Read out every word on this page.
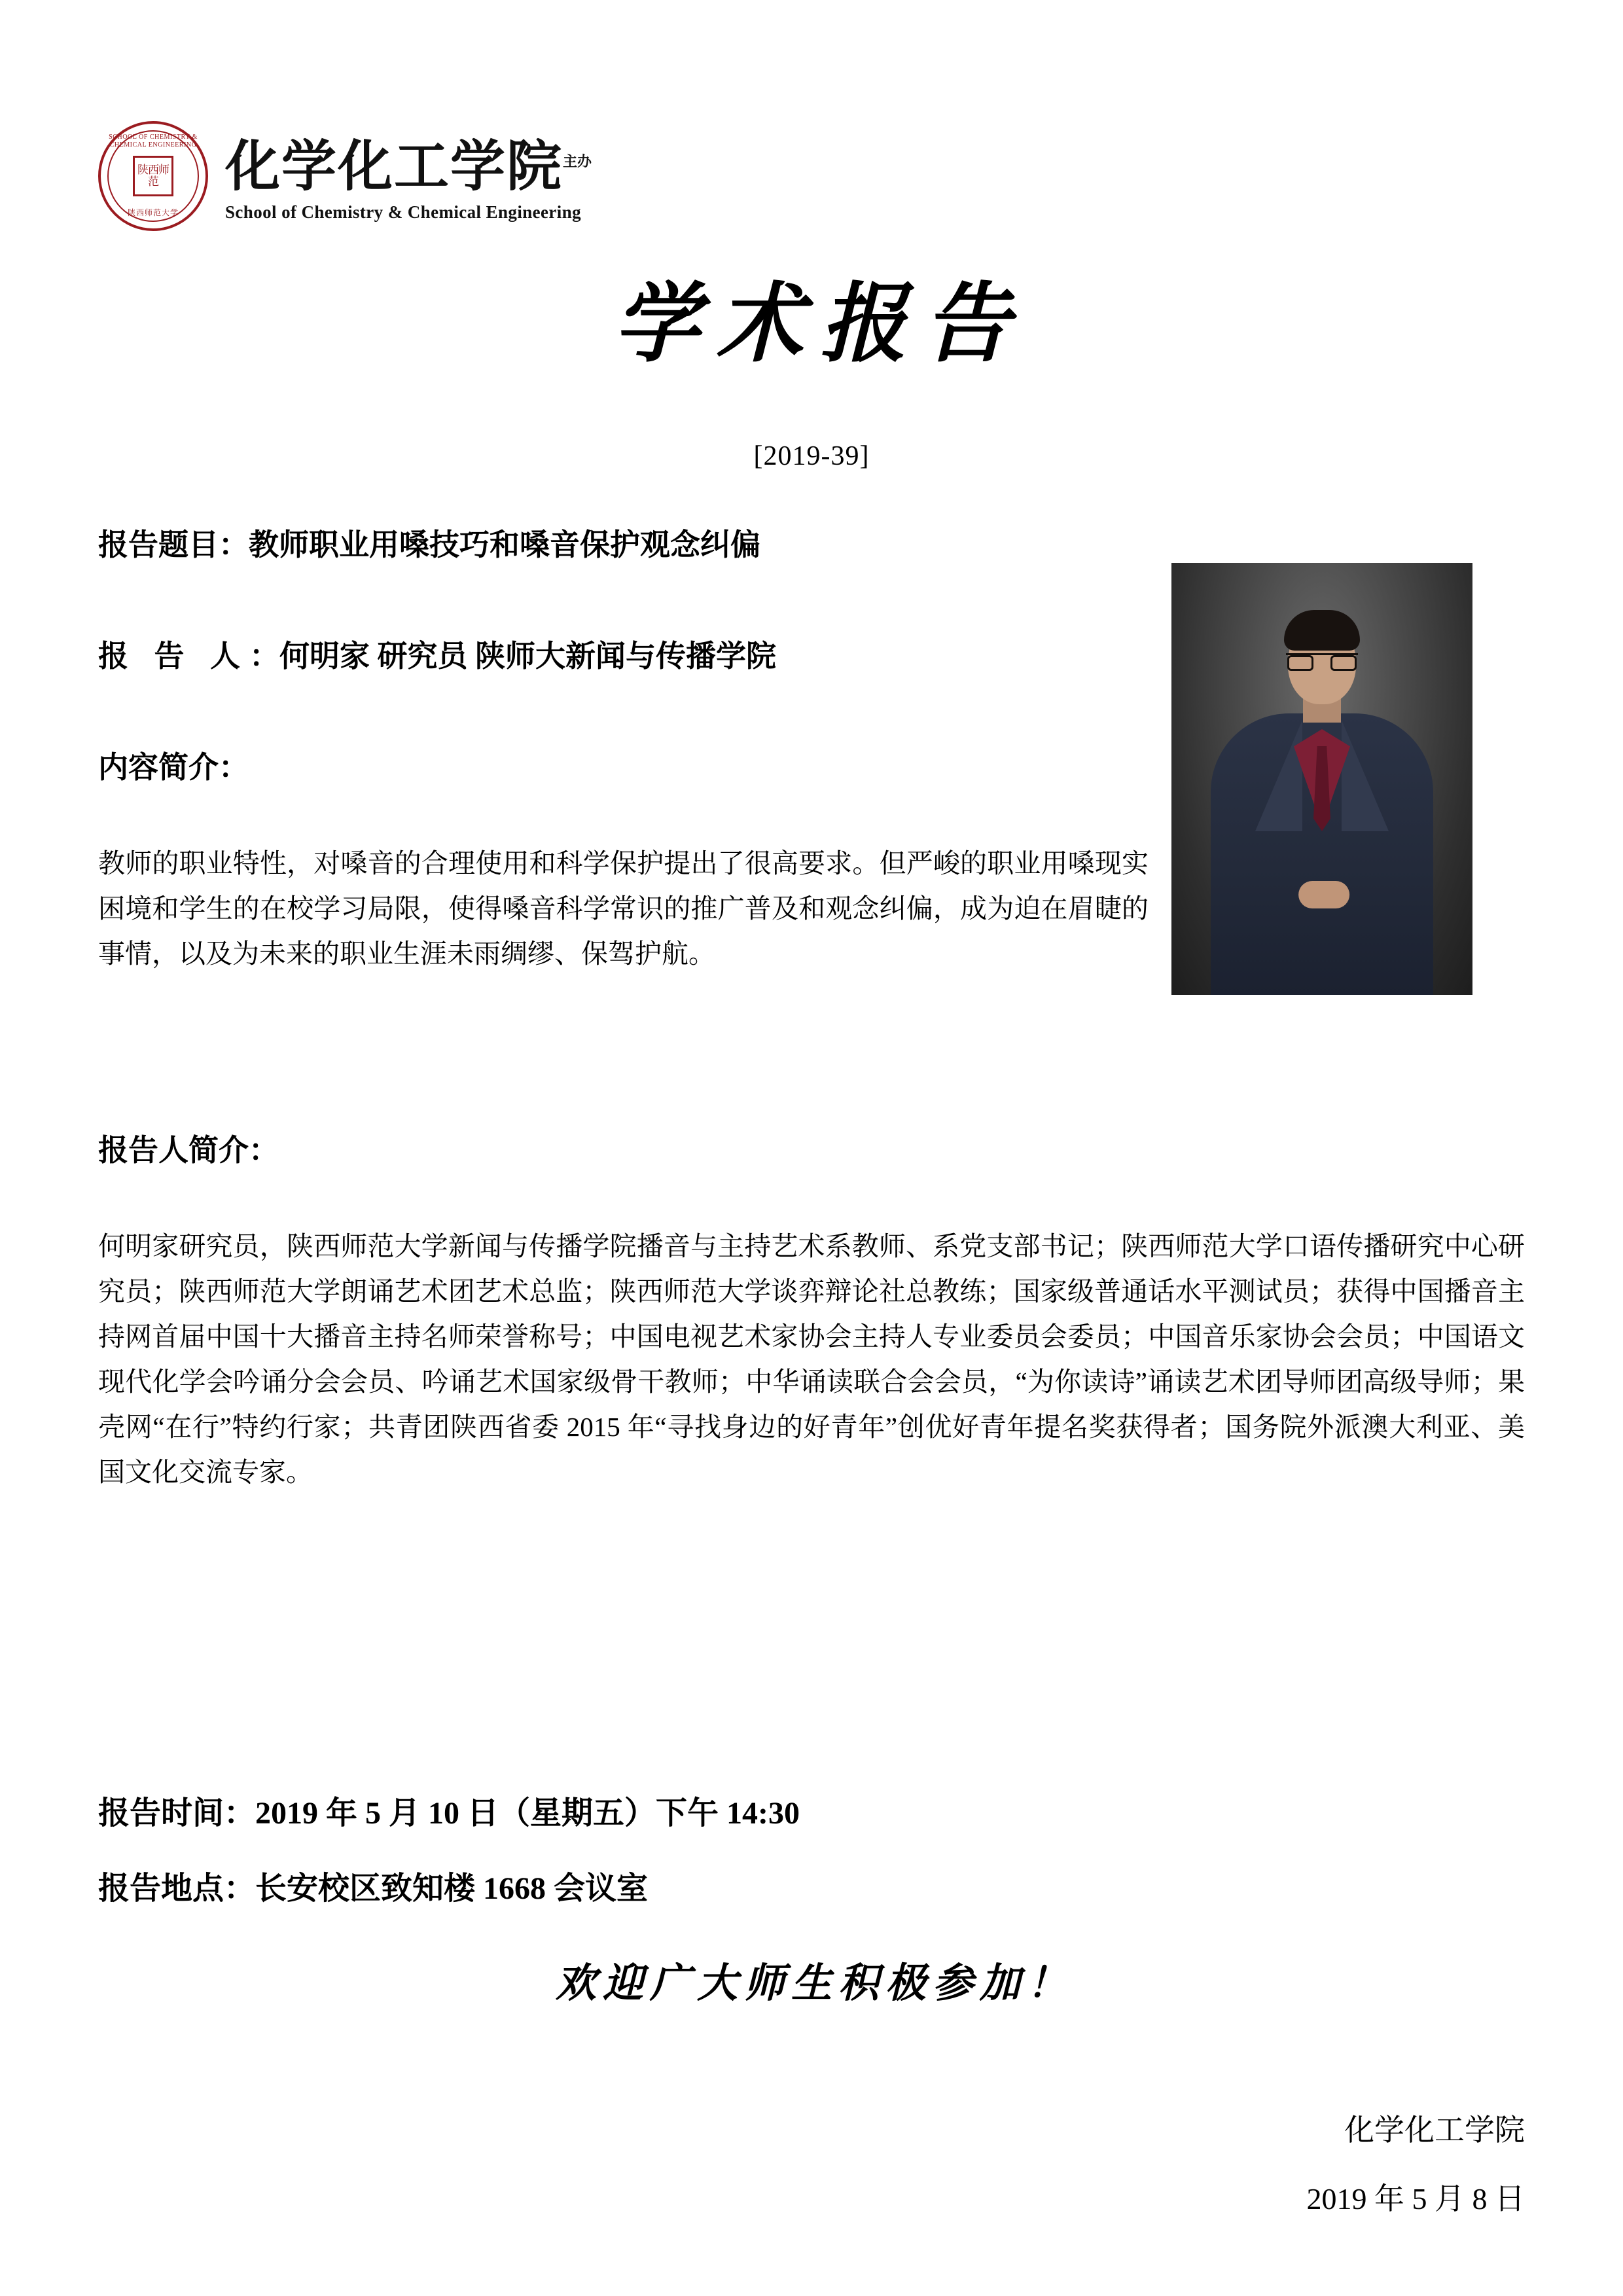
SCHOOL OF CHEMISTRY & CHEMICAL ENGINEERING
陕西师范
陕西师范大学
化学化工学院$^{主办}$
School of Chemistry & Chemical Engineering
学术报告
[2019-39]
报告题目：教师职业用嗓技巧和嗓音保护观念纠偏
报 告 人：何明家 研究员 陕师大新闻与传播学院
内容简介：
教师的职业特性，对嗓音的合理使用和科学保护提出了很高要求。但严峻的职业用嗓现实困境和学生的在校学习局限，使得嗓音科学常识的推广普及和观念纠偏，成为迫在眉睫的事情，以及为未来的职业生涯未雨绸缪、保驾护航。
报告人简介：
何明家研究员，陕西师范大学新闻与传播学院播音与主持艺术系教师、系党支部书记；陕西师范大学口语传播研究中心研究员；陕西师范大学朗诵艺术团艺术总监；陕西师范大学谈弈辩论社总教练；国家级普通话水平测试员；获得中国播音主持网首届中国十大播音主持名师荣誉称号；中国电视艺术家协会主持人专业委员会委员；中国音乐家协会会员；中国语文现代化学会吟诵分会会员、吟诵艺术国家级骨干教师；中华诵读联合会会员，“为你读诗”诵读艺术团导师团高级导师；果壳网“在行”特约行家；共青团陕西省委 2015 年“寻找身边的好青年”创优好青年提名奖获得者；国务院外派澳大利亚、美国文化交流专家。
报告时间：2019 年 5 月 10 日（星期五）下午 14:30
报告地点：长安校区致知楼 1668 会议室
欢迎广大师生积极参加！
化学化工学院
2019 年 5 月 8 日
